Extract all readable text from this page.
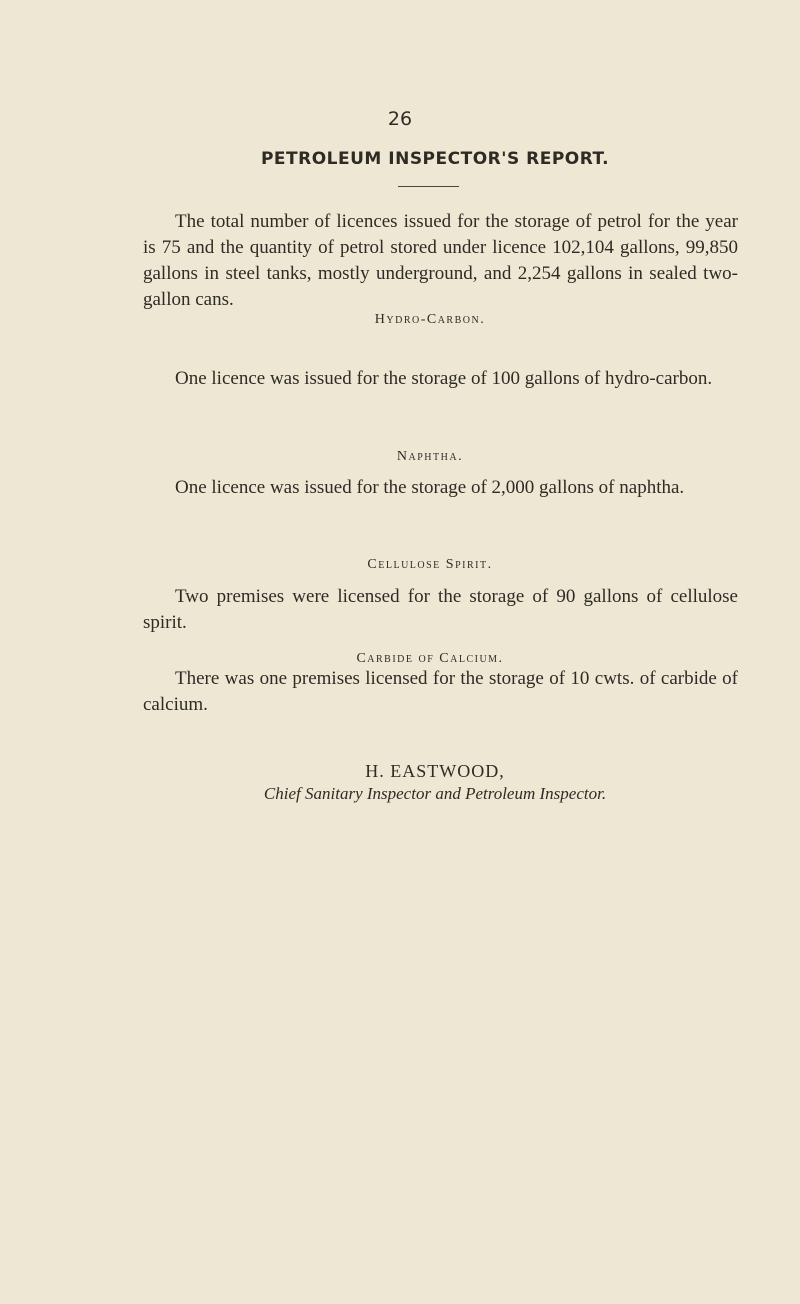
26
PETROLEUM INSPECTOR'S REPORT.

The total number of licences issued for the storage of petrol for the year is 75 and the quantity of petrol stored under licence 102,104 gallons, 99,850 gallons in steel tanks, mostly underground, and 2,254 gallons in sealed two-gallon cans.

Hydro-Carbon.

One licence was issued for the storage of 100 gallons of hydro-carbon.

Naphtha.

One licence was issued for the storage of 2,000 gallons of naphtha.

Cellulose Spirit.

Two premises were licensed for the storage of 90 gallons of cellulose spirit.

Carbide of Calcium.

There was one premises licensed for the storage of 10 cwts. of carbide of calcium.

H. EASTWOOD,
Chief Sanitary Inspector and Petroleum Inspector.
